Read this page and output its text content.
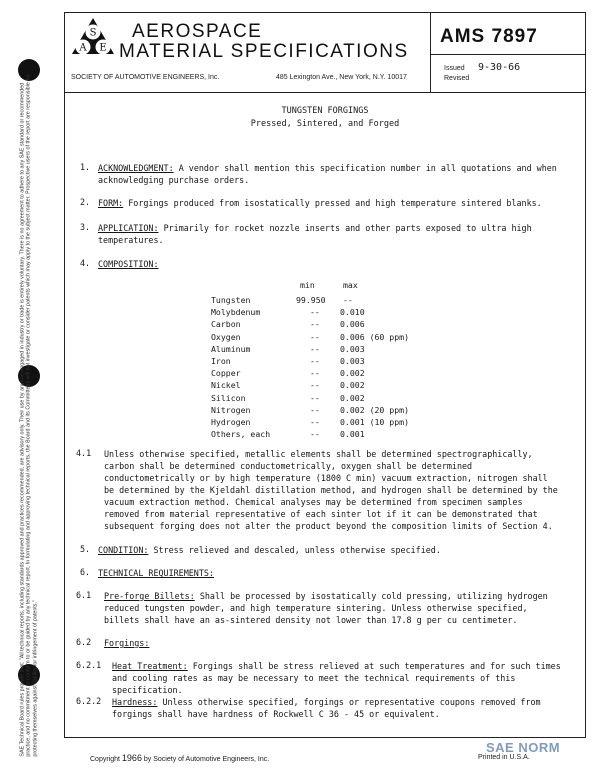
SAE Technical Board rules provide that: "All technical reports, including standards approved and practices recommended, are advisory only. Their use by anyone engaged in industry or trade is entirely voluntary. There is no agreement to adhere to any SAE standard or recommended practice, and no commitment to conform to or be guided by any technical report. In formulating and approving technical reports, the Board and its Committees will not investigate or consider patents which may apply to the subject matter. Prospective users of the report are responsible for protecting themselves against liability for infringement of patents."
S
A E
AEROSPACE
MATERIAL SPECIFICATIONS
SOCIETY OF AUTOMOTIVE ENGINEERS, Inc.	485 Lexington Ave., New York, N.Y. 10017
AMS 7897
Issued 9-30-66
Revised
TUNGSTEN FORGINGS
Pressed, Sintered, and Forged
1. ACKNOWLEDGMENT: A vendor shall mention this specification number in all quotations and when acknowledging purchase orders.
2. FORM: Forgings produced from isostatically pressed and high temperature sintered blanks.
3. APPLICATION: Primarily for rocket nozzle inserts and other parts exposed to ultra high temperatures.
4. COMPOSITION:
min	max
Tungsten	99.950 --
Molybdenum	-- 0.010
Carbon	-- 0.006
Oxygen	-- 0.006 (60 ppm)
Aluminum	-- 0.003
Iron	-- 0.003
Copper	-- 0.002
Nickel	-- 0.002
Silicon	-- 0.002
Nitrogen	-- 0.002 (20 ppm)
Hydrogen	-- 0.001 (10 ppm)
Others, each	-- 0.001
4.1 Unless otherwise specified, metallic elements shall be determined spectrographically, carbon shall be determined conductometrically, oxygen shall be determined conductometrically or by high temperature (1800 C min) vacuum extraction, nitrogen shall be determined by the Kjeldahl distillation method, and hydrogen shall be determined by the vacuum extraction method. Chemical analyses may be determined from specimen samples removed from material representative of each sinter lot if it can be demonstrated that subsequent forging does not alter the product beyond the composition limits of Section 4.
5. CONDITION: Stress relieved and descaled, unless otherwise specified.
6. TECHNICAL REQUIREMENTS:
6.1 Pre-forge Billets: Shall be processed by isostatically cold pressing, utilizing hydrogen reduced tungsten powder, and high temperature sintering. Unless otherwise specified, billets shall have an as-sintered density not lower than 17.8 g per cu centimeter.
6.2 Forgings:
6.2.1 Heat Treatment: Forgings shall be stress relieved at such temperatures and for such times and cooling rates as may be necessary to meet the technical requirements of this specification.
6.2.2 Hardness: Unless otherwise specified, forgings or representative coupons removed from forgings shall have hardness of Rockwell C 36 - 45 or equivalent.
Copyright 1966 by Society of Automotive Engineers, Inc.	Printed in U.S.A.
SAE NORM
